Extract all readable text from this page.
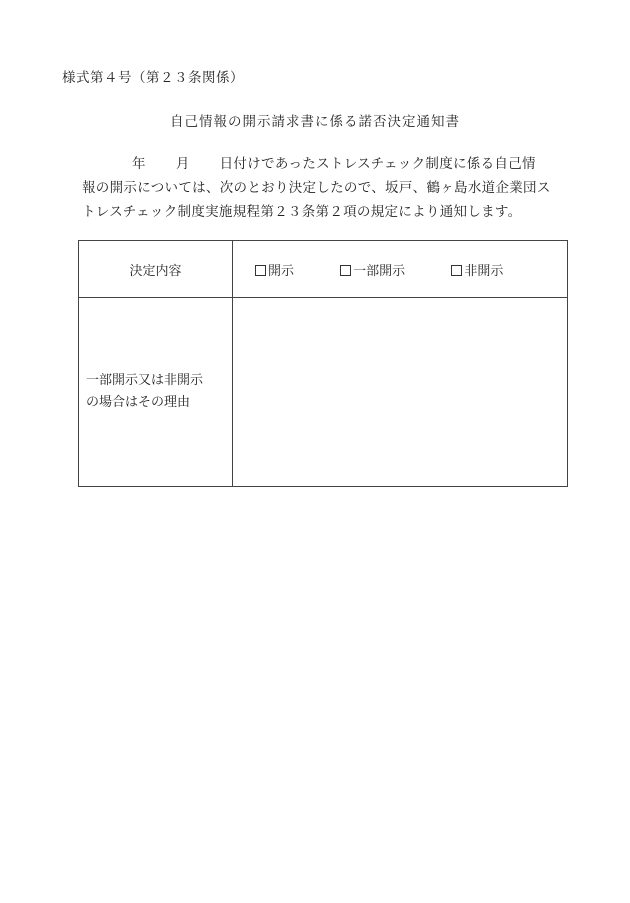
様式第４号（第２３条関係）
自己情報の開示請求書に係る諾否決定通知書
年 月 日付けであったストレスチェック制度に係る自己情
報の開示については、次のとおり決定したので、坂戸、鶴ヶ島水道企業団ス
トレスチェック制度実施規程第２３条第２項の規定により通知します。
決定内容	開示 一部開示 非開示
一部開示又は非開示
の場合はその理由	
